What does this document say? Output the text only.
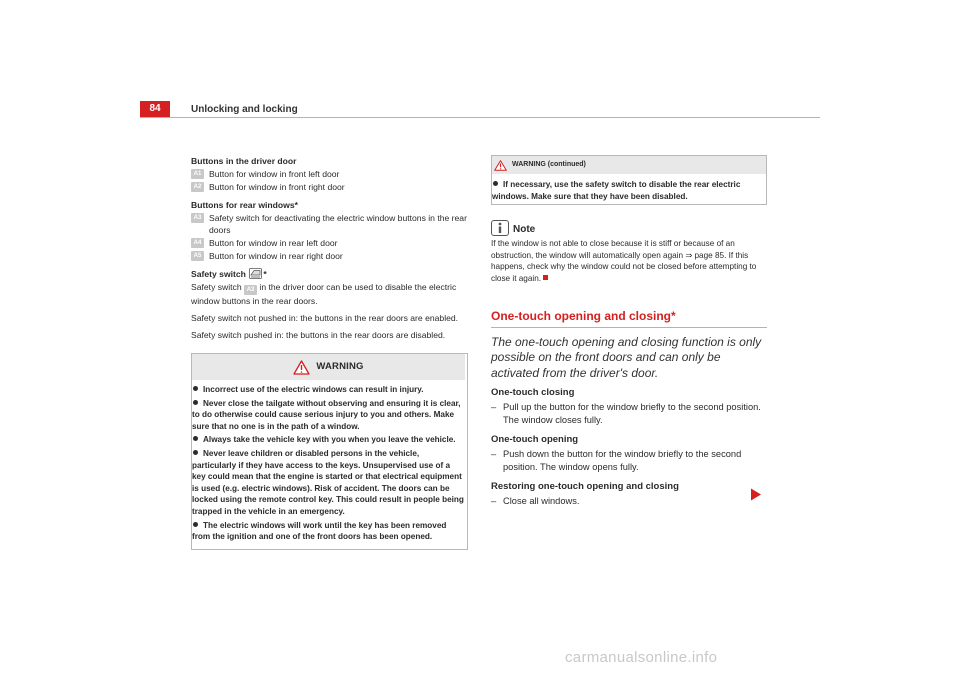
84	Unlocking and locking
Buttons in the driver door
A1 Button for window in front left door
A2 Button for window in front right door
Buttons for rear windows*
A3 Safety switch for deactivating the electric window buttons in the rear doors
A4 Button for window in rear left door
A5 Button for window in rear right door
Safety switch *

Safety switch A3 in the driver door can be used to disable the electric window buttons in the rear doors.

Safety switch not pushed in: the buttons in the rear doors are enabled.

Safety switch pushed in: the buttons in the rear doors are disabled.

WARNING
Incorrect use of the electric windows can result in injury.
Never close the tailgate without observing and ensuring it is clear, to do otherwise could cause serious injury to you and others. Make sure that no one is in the path of a window.
Always take the vehicle key with you when you leave the vehicle.
Never leave children or disabled persons in the vehicle, particularly if they have access to the keys. Unsupervised use of a key could mean that the engine is started or that electrical equipment is used (e.g. electric windows). Risk of accident. The doors can be locked using the remote control key. This could result in people being trapped in the vehicle in an emergency.
The electric windows will work until the key has been removed from the ignition and one of the front doors has been opened.
WARNING (continued)
If necessary, use the safety switch to disable the rear electric windows. Make sure that they have been disabled.
Note

If the window is not able to close because it is stiff or because of an obstruction, the window will automatically open again ⇒ page 85. If this happens, check why the window could not be closed before attempting to close it again.

One-touch opening and closing*

The one-touch opening and closing function is only possible on the front doors and can only be activated from the driver's door.

One-touch closing
– Pull up the button for the window briefly to the second position. The window closes fully.
One-touch opening
– Push down the button for the window briefly to the second position. The window opens fully.
Restoring one-touch opening and closing
– Close all windows.
carmanualsonline.info
